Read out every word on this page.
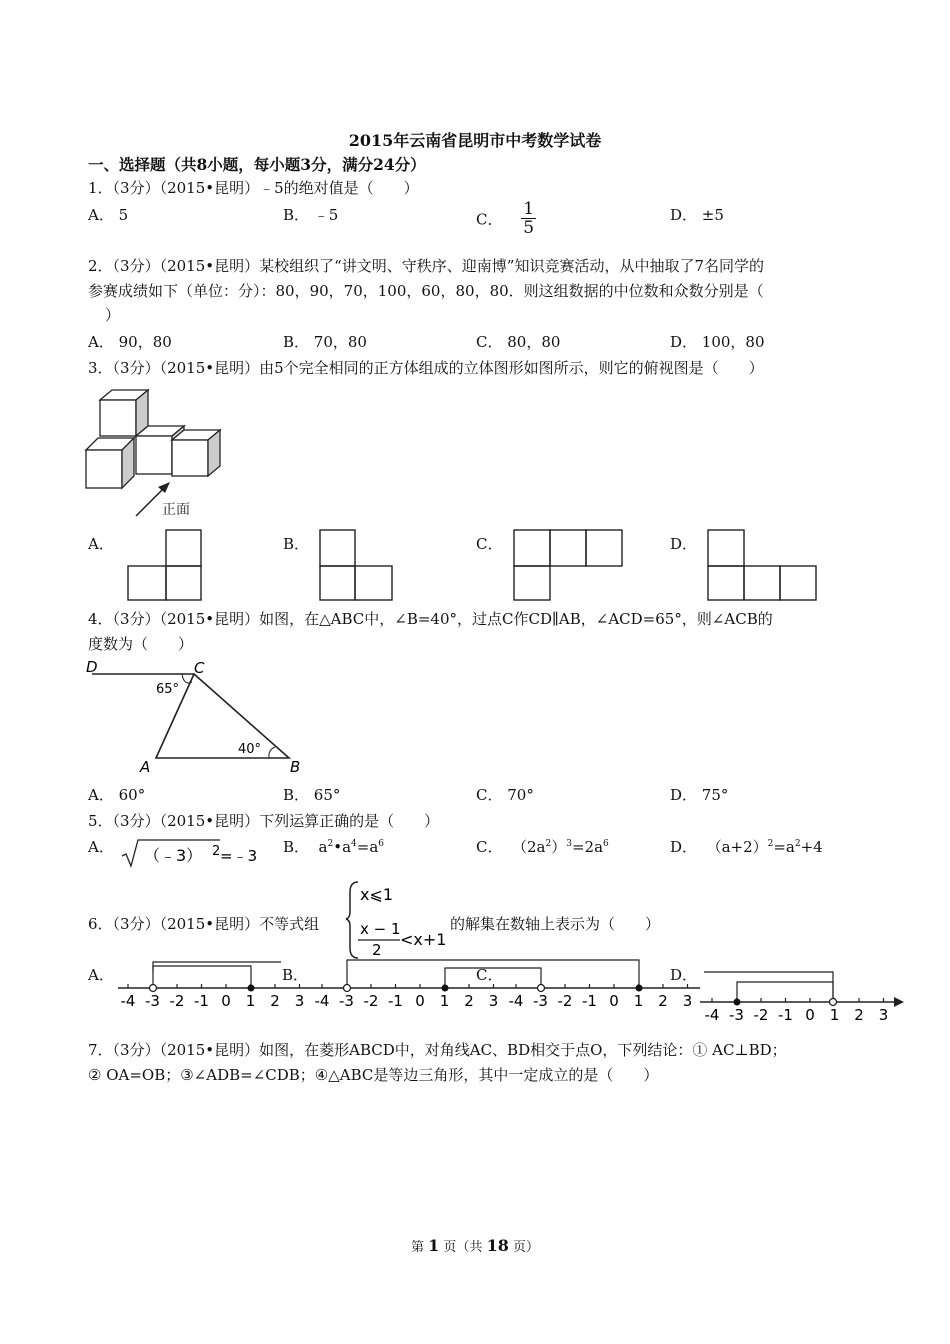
2015年云南省昆明市中考数学试卷
一、选择题（共8小题，每小题3分，满分24分）
1．（3分）（2015•昆明）﹣5的绝对值是（　　）
A． 5	B． ﹣5	C． $\frac{1}{5}$	D． ±5
2．（3分）（2015•昆明）某校组织了“讲文明、守秩序、迎南博”知识竞赛活动，从中抽取了7名同学的
参赛成绩如下（单位：分）：80，90，70，100，60，80，80．则这组数据的中位数和众数分别是（
）
A． 90，80	B． 70，80	C． 80，80	D． 100，80
3．（3分）（2015•昆明）由5个完全相同的正方体组成的立体图形如图所示，则它的俯视图是（　　）
正面
A．	B．	C．	D．
4．（3分）（2015•昆明）如图，在△ABC中，∠B=40°，过点C作CD∥AB，∠ACD=65°，则∠ACB的
度数为（　　）
D	C
A	B
65°
40°
A． 60°	B． 65°	C． 70°	D． 75°
5．（3分）（2015•昆明）下列运算正确的是（　　）
A． （﹣3） 2 =﹣3 B．  $a^2•a^4=a^6$	C．  $(2a^2)^3=2a^6$	D．  $(a+2)^2=a^2+4$
6．（3分）（2015•昆明）不等式组
x⩽1
x − 1
2
<x+1
的解集在数轴上表示为（　　）
A．
-4 -3 -2 -1 0 1 2 3
B．
-4 -3 -2 -1 0 1 2 3
C．
-4 -3 -2 -1 0 1 2 3
D．
-4 -3 -2 -1 0 1 2 3
7．（3分）（2015•昆明）如图，在菱形ABCD中，对角线AC、BD相交于点O，下列结论：① AC⊥BD；
② OA=OB；③∠ADB=∠CDB；④△ABC是等边三角形，其中一定成立的是（　　）
第 1 页（共 18 页）
